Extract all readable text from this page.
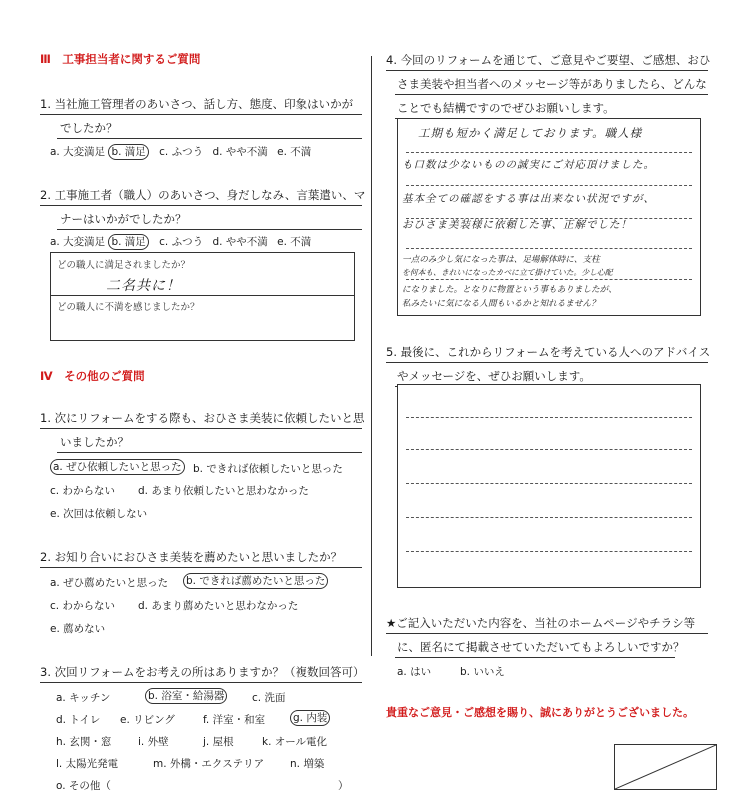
Ⅲ　工事担当者に関するご質問
1. 当社施工管理者のあいさつ、話し方、態度、印象はいかが
でしたか？
a. 大変満足 b. 満足 c. ふつう d. やや不満 e. 不満
2. 工事施工者（職人）のあいさつ、身だしなみ、言葉遣い、マ
ナーはいかがでしたか？
a. 大変満足 b. 満足 c. ふつう d. やや不満 e. 不満
どの職人に満足されましたか？
二名共に！
どの職人に不満を感じましたか？
Ⅳ　その他のご質問
1. 次にリフォームをする際も、おひさま美装に依頼したいと思
いましたか？
a. ぜひ依頼したいと思った	b. できれば依頼したいと思った
c. わからない d. あまり依頼したいと思わなかった
e. 次回は依頼しない
2. お知り合いにおひさま美装を薦めたいと思いましたか？
a. ぜひ薦めたいと思った b. できれば薦めたいと思った
c. わからない d. あまり薦めたいと思わなかった
e. 薦めない
3. 次回リフォームをお考えの所はありますか？（複数回答可）
a. キッチン	b. 浴室・給湯器	c. 洗面
d. トイレ e. リビング	f. 洋室・和室	g. 内装
h. 玄関・窓	i. 外壁	j. 屋根	k. オール電化
l. 太陽光発電	m. 外構・エクステリア n. 増築
o. その他（	）
4. 今回のリフォームを通じて、ご意見やご要望、ご感想、おひ
さま美装や担当者へのメッセージ等がありましたら、どんな
ことでも結構ですのでぜひお願いします。
工期も短かく満足しております。職人様
も口数は少ないものの誠実にご対応頂けました。
基本全ての確認をする事は出来ない状況ですが、
おひさま美装様に依頼した事、正解でした！
一点のみ少し気になった事は、足場解体時に、支柱
を何本も、きれいになったカベに立て掛けていた。少し心配
になりました。となりに物置という事もありましたが、
私みたいに気になる人間もいるかと知れるません？
5. 最後に、これからリフォームを考えている人へのアドバイス
やメッセージを、ぜひお願いします。
★ご記入いただいた内容を、当社のホームページやチラシ等
に、匿名にて掲載させていただいてもよろしいですか？
a. はい	b. いいえ
貴重なご意見・ご感想を賜り、誠にありがとうございました。
